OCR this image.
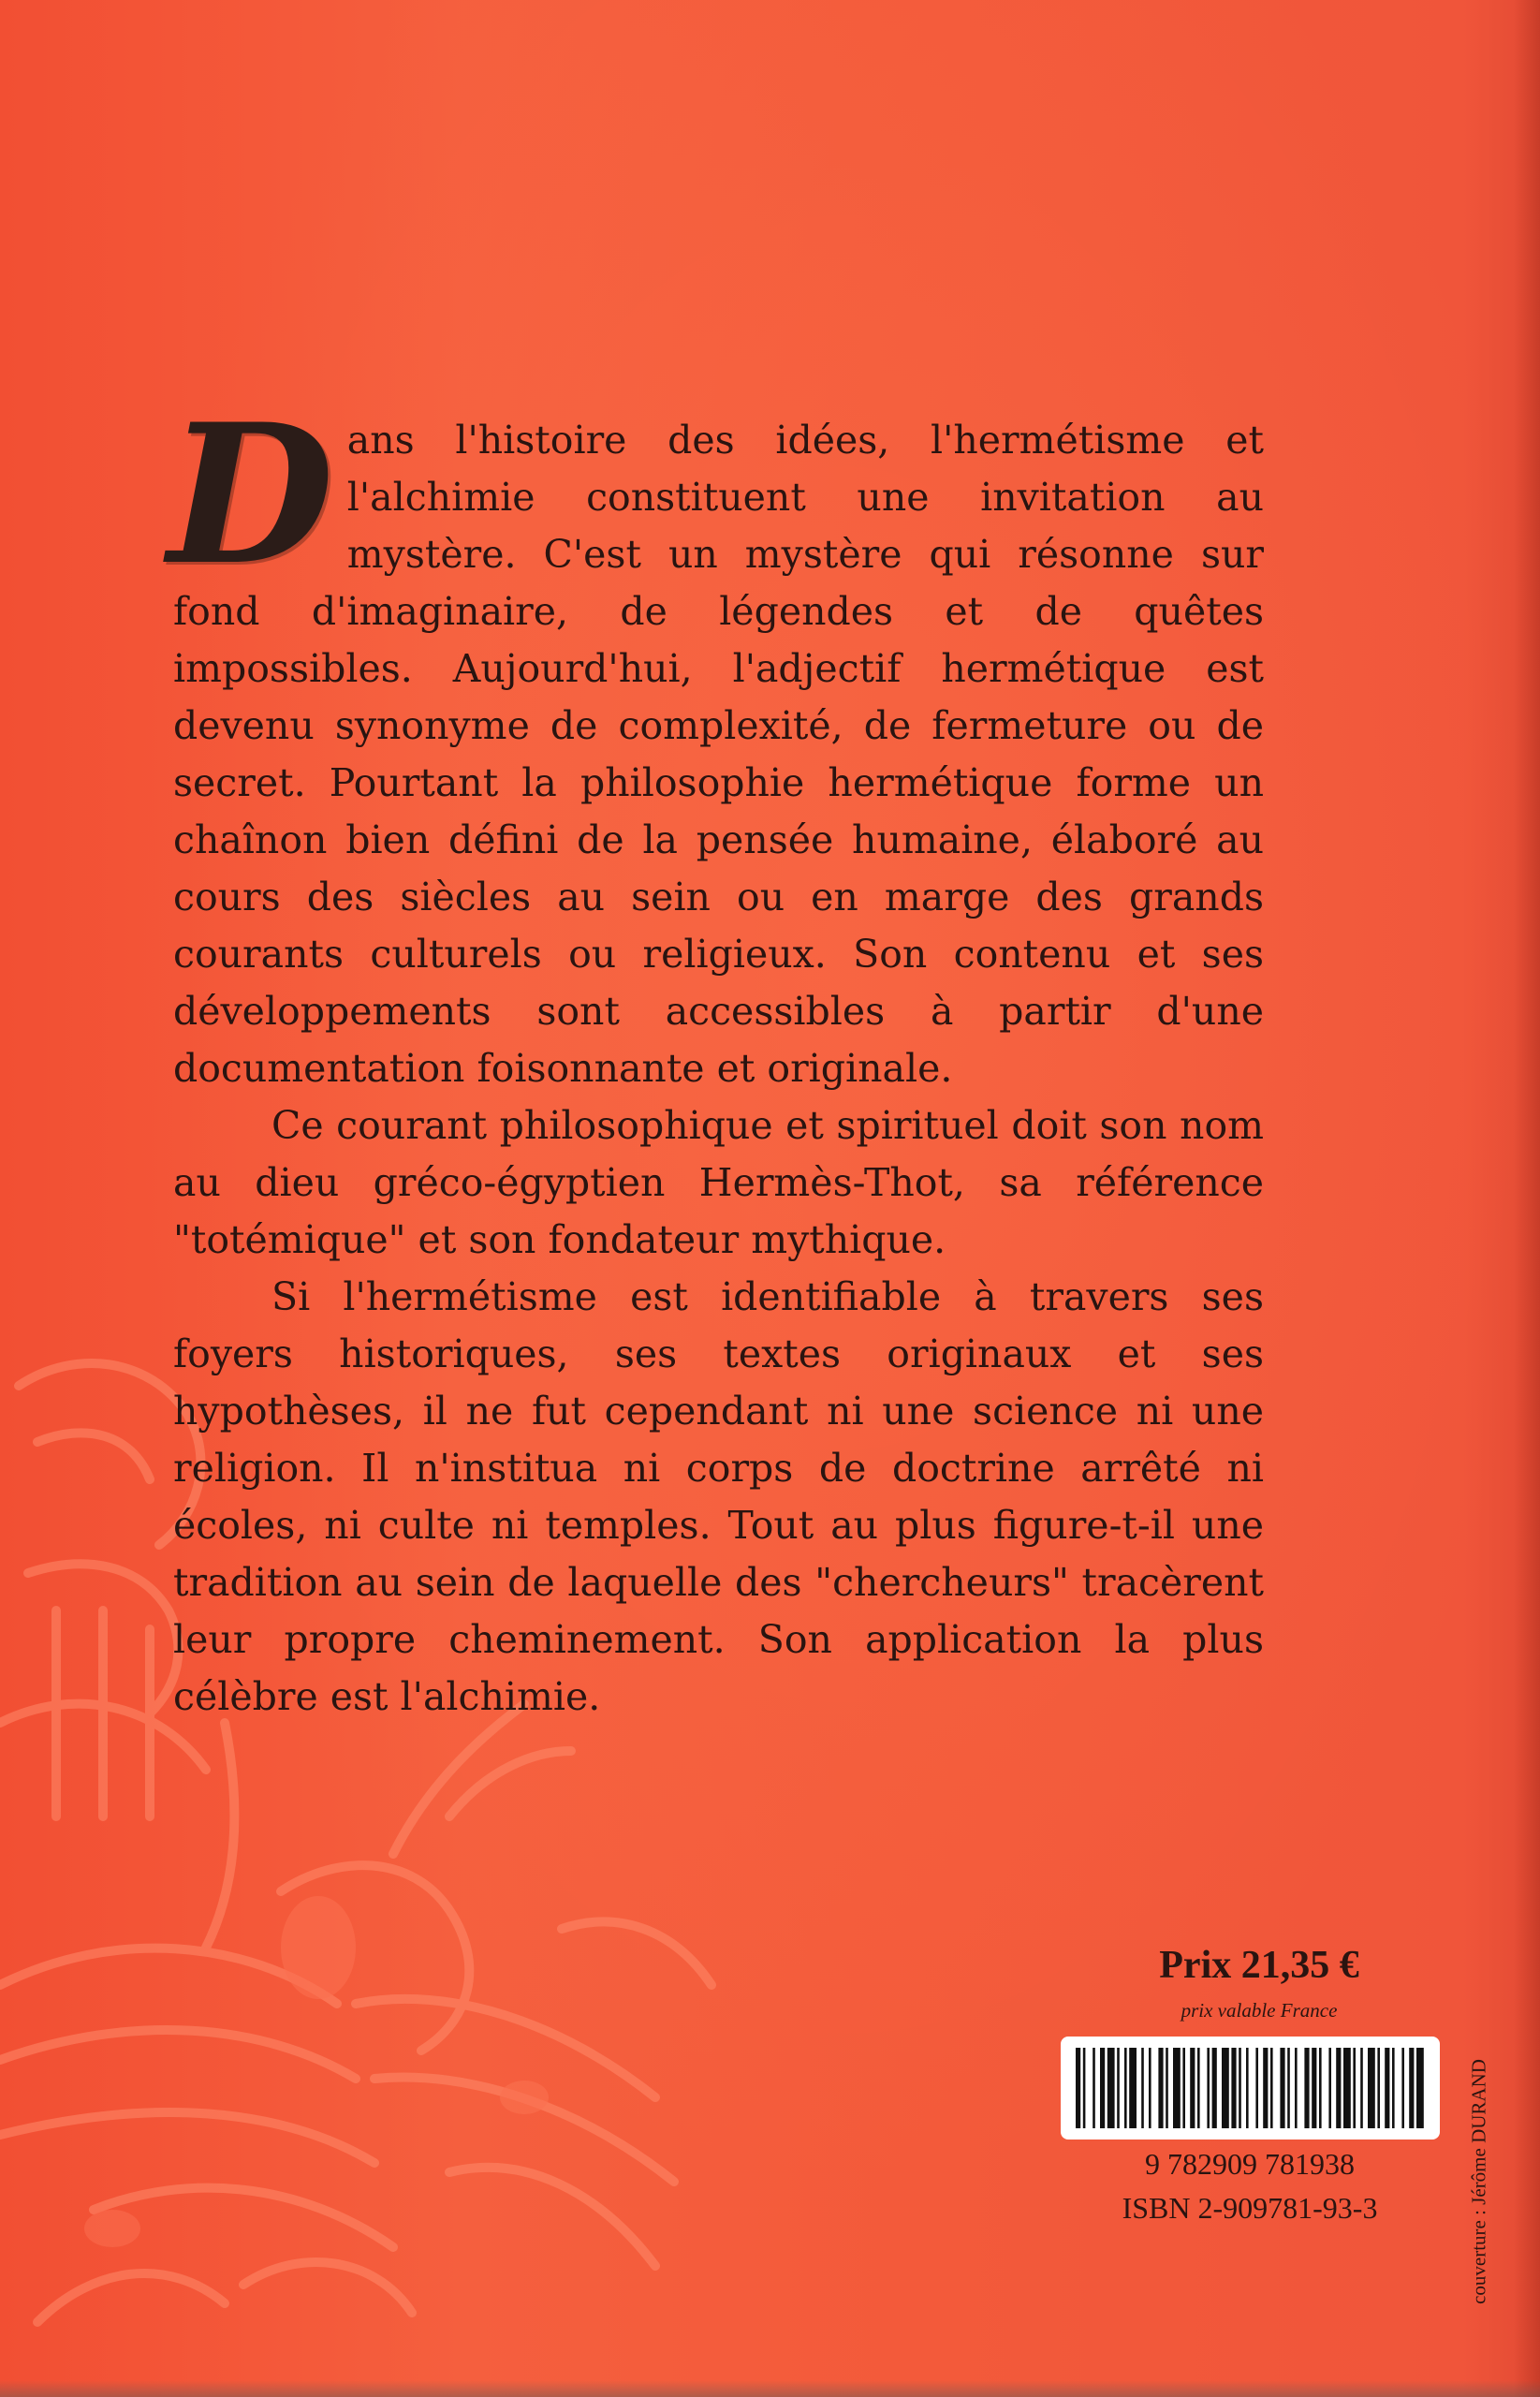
Dans l'histoire des idées, l'hermétisme et l'alchimie constituent une invitation au mystère. C'est un mystère qui résonne sur fond d'imaginaire, de légendes et de quêtes impossibles. Aujourd'hui, l'adjectif hermétique est devenu synonyme de complexité, de fermeture ou de secret. Pourtant la philosophie hermétique forme un chaînon bien défini de la pensée humaine, élaboré au cours des siècles au sein ou en marge des grands courants culturels ou religieux. Son contenu et ses développements sont accessibles à partir d'une documentation foisonnante et originale.

Ce courant philosophique et spirituel doit son nom au dieu gréco-égyptien Hermès-Thot, sa référence "totémique" et son fondateur mythique.

Si l'hermétisme est identifiable à travers ses foyers historiques, ses textes originaux et ses hypothèses, il ne fut cependant ni une science ni une religion. Il n'institua ni corps de doctrine arrêté ni écoles, ni culte ni temples. Tout au plus figure-t-il une tradition au sein de laquelle des "chercheurs" tracèrent leur propre cheminement. Son application la plus célèbre est l'alchimie.

Prix 21,35 €
prix valable France
9 782909 781938
ISBN 2-909781-93-3	couverture : Jérôme DURAND
